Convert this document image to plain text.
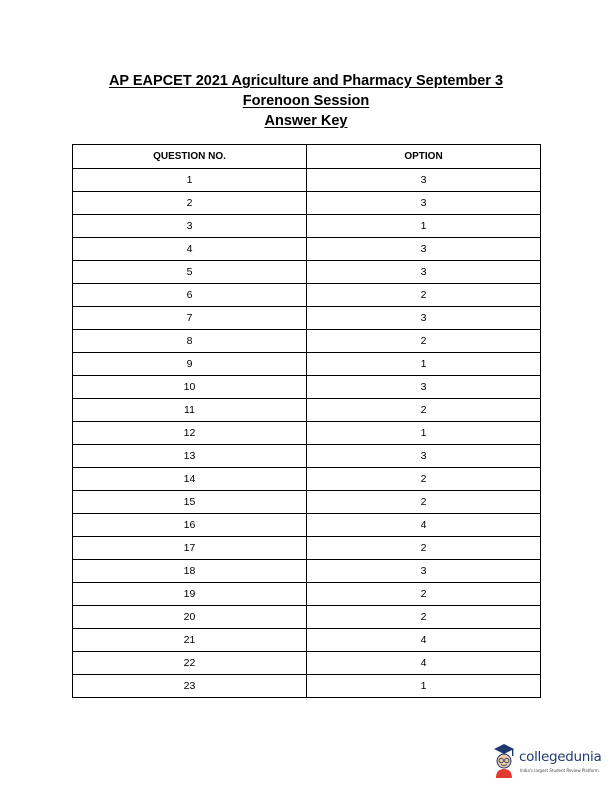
AP EAPCET 2021 Agriculture and Pharmacy September 3
Forenoon Session
Answer Key
QUESTION NO.	OPTION
1	3
2	3
3	1
4	3
5	3
6	2
7	3
8	2
9	1
10	3
11	2
12	1
13	3
14	2
15	2
16	4
17	2
18	3
19	2
20	2
21	4
22	4
23	1
collegedunia
India's largest Student Review Platform
